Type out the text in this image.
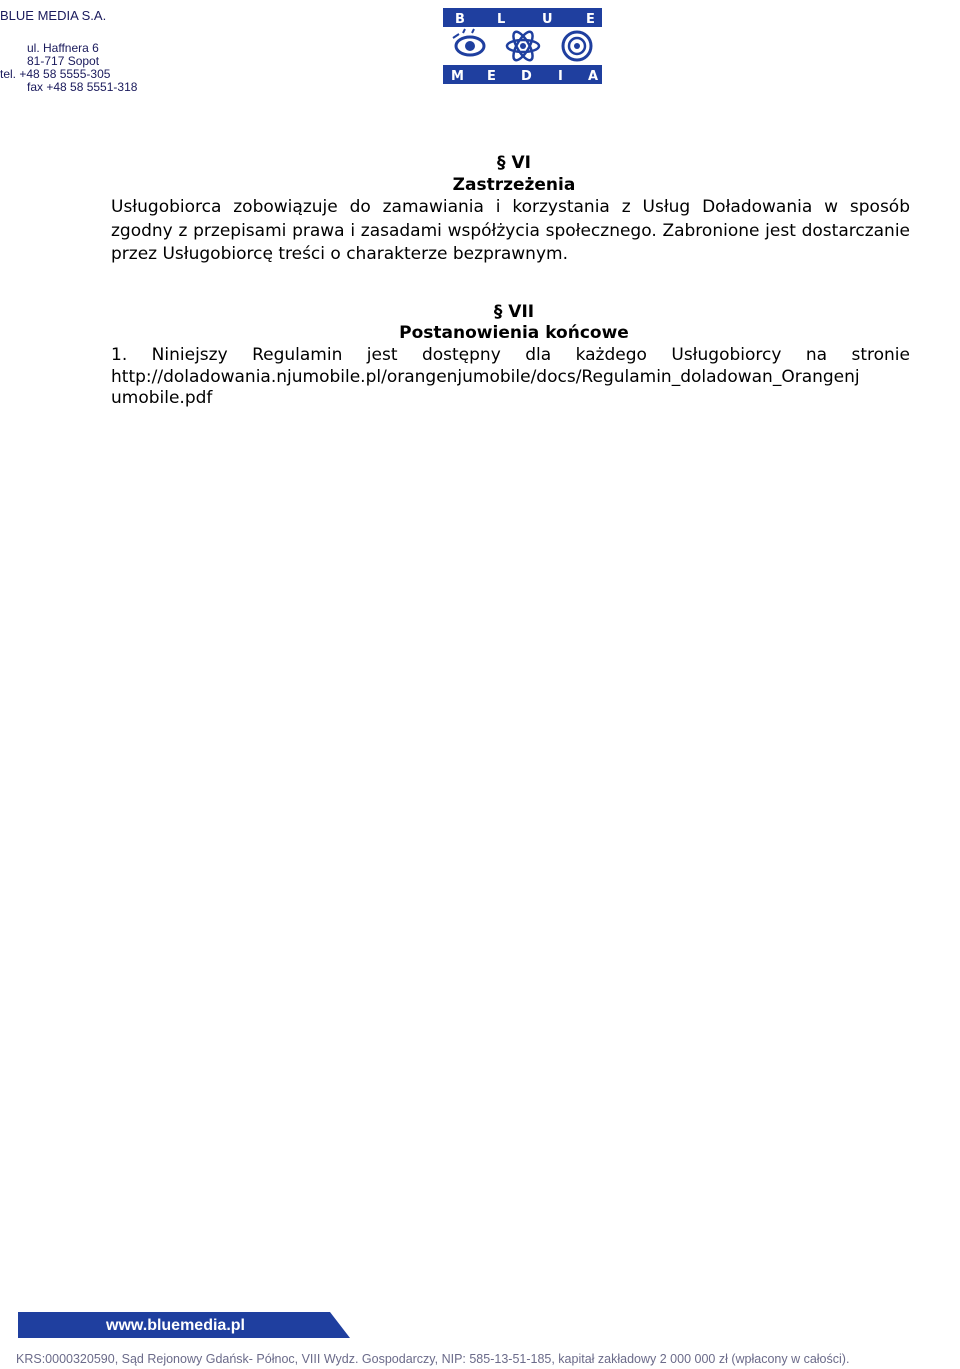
BLUE MEDIA S.A.
ul. Haffnera 6
81-717 Sopot
tel. +48 58 5555-305
fax +48 58 5551-318
B L	U	E
M E D I A
§ VI
Zastrzeżenia
Usługobiorca zobowiązuje do zamawiania i korzystania z Usług Doładowania w sposób zgodny z przepisami prawa i zasadami współżycia społecznego. Zabronione jest dostarczanie przez Usługobiorcę treści o charakterze bezprawnym.
§ VII
Postanowienia końcowe
1. Niniejszy Regulamin jest dostępny dla każdego Usługobiorcy na stronie
http://doladowania.njumobile.pl/orangenjumobile/docs/Regulamin_doladowan_Orangenj
umobile.pdf
www.bluemedia.pl
KRS:0000320590, Sąd Rejonowy Gdańsk- Północ, VIII Wydz. Gospodarczy, NIP: 585-13-51-185, kapitał zakładowy 2 000 000 zł (wpłacony w całości).
